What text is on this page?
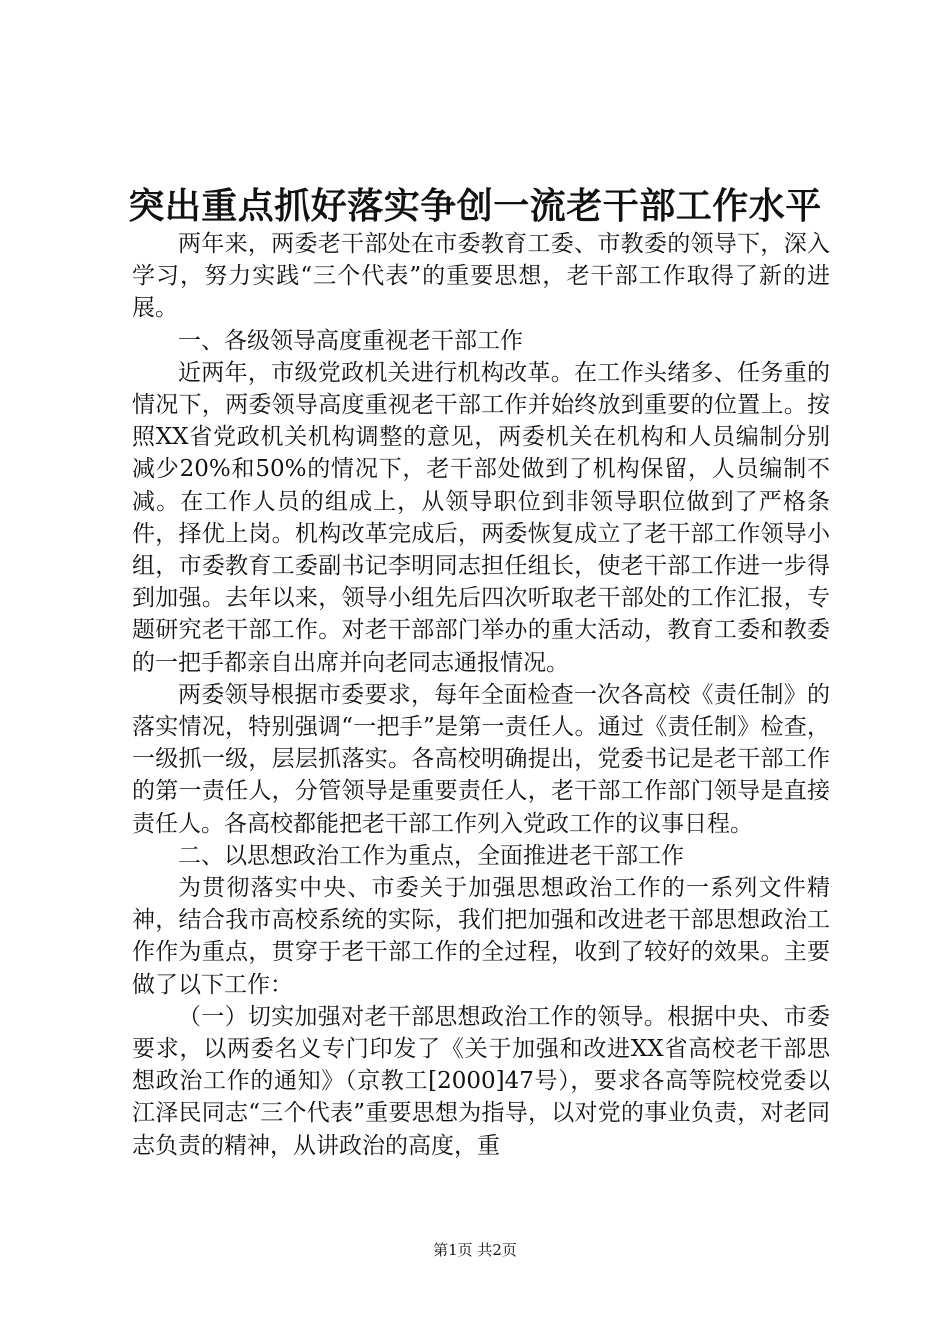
突出重点抓好落实争创一流老干部工作水平

两年来，两委老干部处在市委教育工委、市教委的领导下，深入学习，努力实践“三个代表”的重要思想，老干部工作取得了新的进展。

一、各级领导高度重视老干部工作

近两年，市级党政机关进行机构改革。在工作头绪多、任务重的情况下，两委领导高度重视老干部工作并始终放到重要的位置上。按照XX省党政机关机构调整的意见，两委机关在机构和人员编制分别减少20%和50%的情况下，老干部处做到了机构保留，人员编制不减。在工作人员的组成上，从领导职位到非领导职位做到了严格条件，择优上岗。机构改革完成后，两委恢复成立了老干部工作领导小组，市委教育工委副书记李明同志担任组长，使老干部工作进一步得到加强。去年以来，领导小组先后四次听取老干部处的工作汇报，专题研究老干部工作。对老干部部门举办的重大活动，教育工委和教委的一把手都亲自出席并向老同志通报情况。

两委领导根据市委要求，每年全面检查一次各高校《责任制》的落实情况，特别强调“一把手”是第一责任人。通过《责任制》检查，一级抓一级，层层抓落实。各高校明确提出，党委书记是老干部工作的第一责任人，分管领导是重要责任人，老干部工作部门领导是直接责任人。各高校都能把老干部工作列入党政工作的议事日程。

二、以思想政治工作为重点，全面推进老干部工作

为贯彻落实中央、市委关于加强思想政治工作的一系列文件精神，结合我市高校系统的实际，我们把加强和改进老干部思想政治工作作为重点，贯穿于老干部工作的全过程，收到了较好的效果。主要做了以下工作：

（一）切实加强对老干部思想政治工作的领导。根据中央、市委要求，以两委名义专门印发了《关于加强和改进XX省高校老干部思想政治工作的通知》（京教工[2000]47号），要求各高等院校党委以江泽民同志“三个代表”重要思想为指导，以对党的事业负责，对老同志负责的精神，从讲政治的高度，重

第1页 共2页
